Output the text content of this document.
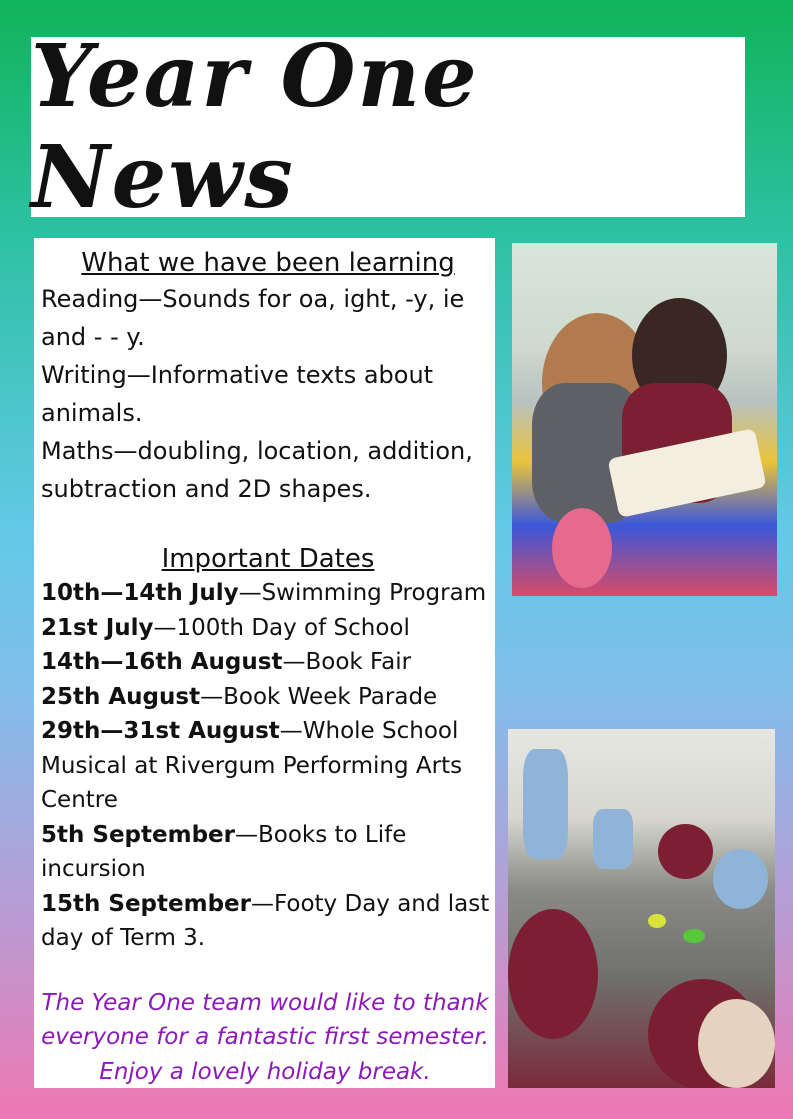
Year One News

What we have been learning

Reading—Sounds for oa, ight, -y, ie

and - - y.

Writing—Informative texts about

animals.

Maths—doubling, location, addition,

subtraction and 2D shapes.

Important Dates

10th—14th July—Swimming Program

21st July—100th Day of School

14th—16th August—Book Fair

25th August—Book Week Parade

29th—31st August—Whole School

Musical at Rivergum Performing Arts

Centre

5th September—Books to Life incursion

15th September—Footy Day and last

day of Term 3.

The Year One team would like to thank
everyone for a fantastic first semester.
Enjoy a lovely holiday break.
